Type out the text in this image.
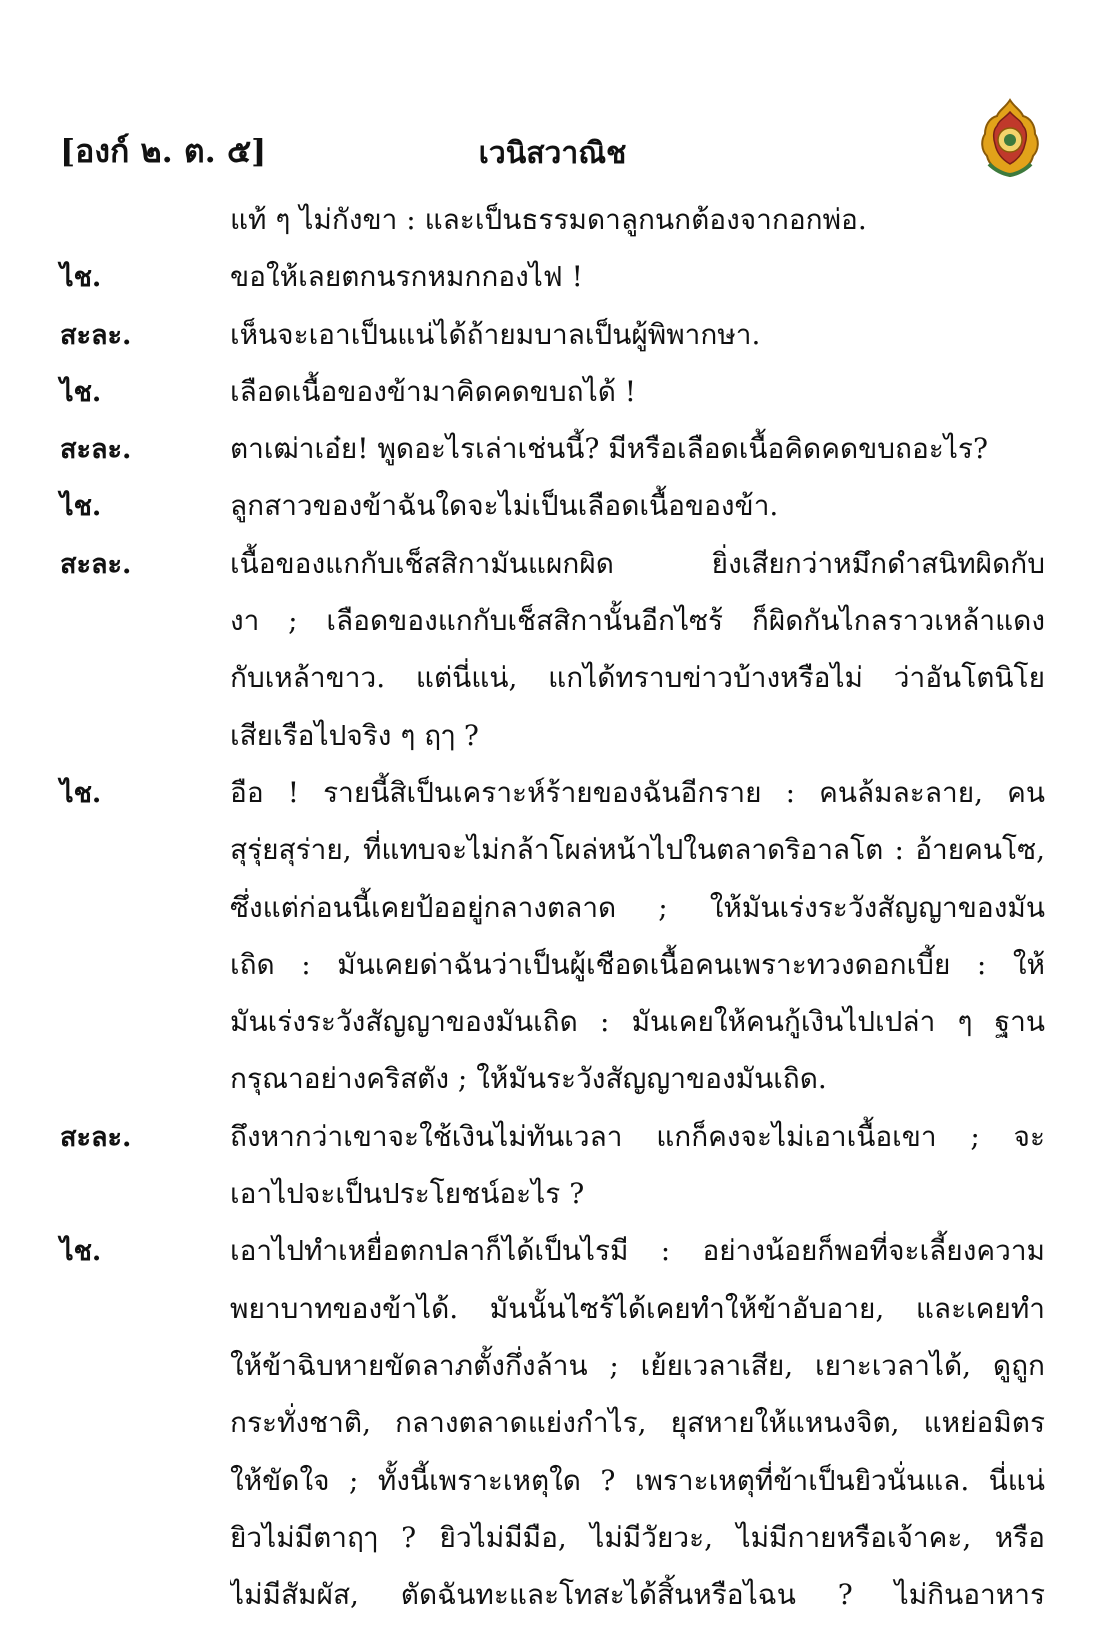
[องก์ ๒. ต. ๕]	เวนิสวาณิช
แท้ ๆ ไม่กังขา : และเป็นธรรมดาลูกนกต้องจากอกพ่อ.
ไช.	ขอให้เลยตกนรกหมกกองไฟ !
สะละ.	เห็นจะเอาเป็นแน่ได้ถ้ายมบาลเป็นผู้พิพากษา.
ไช.	เลือดเนื้อของข้ามาคิดคดขบถได้ !
สะละ.	ตาเฒ่าเอ๋ย! พูดอะไรเล่าเช่นนี้? มีหรือเลือดเนื้อคิดคดขบถอะไร?
ไช.	ลูกสาวของข้าฉันใดจะไม่เป็นเลือดเนื้อของข้า.
สะละ.	เนื้อของแกกับเช็สสิกามันแผกผิด ยิ่งเสียกว่าหมึกดำสนิทผิดกับ
งา ; เลือดของแกกับเช็สสิกานั้นอีกไซร้ ก็ผิดกันไกลราวเหล้าแดง
กับเหล้าขาว. แต่นี่แน่, แกได้ทราบข่าวบ้างหรือไม่ ว่าอันโตนิโย
เสียเรือไปจริง ๆ ฤๅ ?
ไช.	อือ ! รายนี้สิเป็นเคราะห์ร้ายของฉันอีกราย : คนล้มละลาย, คน
สุรุ่ยสุร่าย, ที่แทบจะไม่กล้าโผล่หน้าไปในตลาดริอาลโต : อ้ายคนโซ,
ซึ่งแต่ก่อนนี้เคยป้ออยู่กลางตลาด ; ให้มันเร่งระวังสัญญาของมัน
เถิด : มันเคยด่าฉันว่าเป็นผู้เชือดเนื้อคนเพราะทวงดอกเบี้ย : ให้
มันเร่งระวังสัญญาของมันเถิด : มันเคยให้คนกู้เงินไปเปล่า ๆ ฐาน
กรุณาอย่างคริสตัง ; ให้มันระวังสัญญาของมันเถิด.
สะละ.	ถึงหากว่าเขาจะใช้เงินไม่ทันเวลา แกก็คงจะไม่เอาเนื้อเขา ; จะ
เอาไปจะเป็นประโยชน์อะไร ?
ไช.	เอาไปทำเหยื่อตกปลาก็ได้เป็นไรมี : อย่างน้อยก็พอที่จะเลี้ยงความ
พยาบาทของข้าได้. มันนั้นไซร้ได้เคยทำให้ข้าอับอาย, และเคยทำ
ให้ข้าฉิบหายขัดลาภตั้งกึ่งล้าน ; เย้ยเวลาเสีย, เยาะเวลาได้, ดูถูก
กระทั่งชาติ, กลางตลาดแย่งกำไร, ยุสหายให้แหนงจิต, แหย่อมิตร
ให้ขัดใจ ; ทั้งนี้เพราะเหตุใด ? เพราะเหตุที่ข้าเป็นยิวนั่นแล. นี่แน่
ยิวไม่มีตาฤๅ ? ยิวไม่มีมือ, ไม่มีวัยวะ, ไม่มีกายหรือเจ้าคะ, หรือ
ไม่มีสัมผัส, ตัดฉันทะและโทสะได้สิ้นหรือไฉน ? ไม่กินอาหาร
